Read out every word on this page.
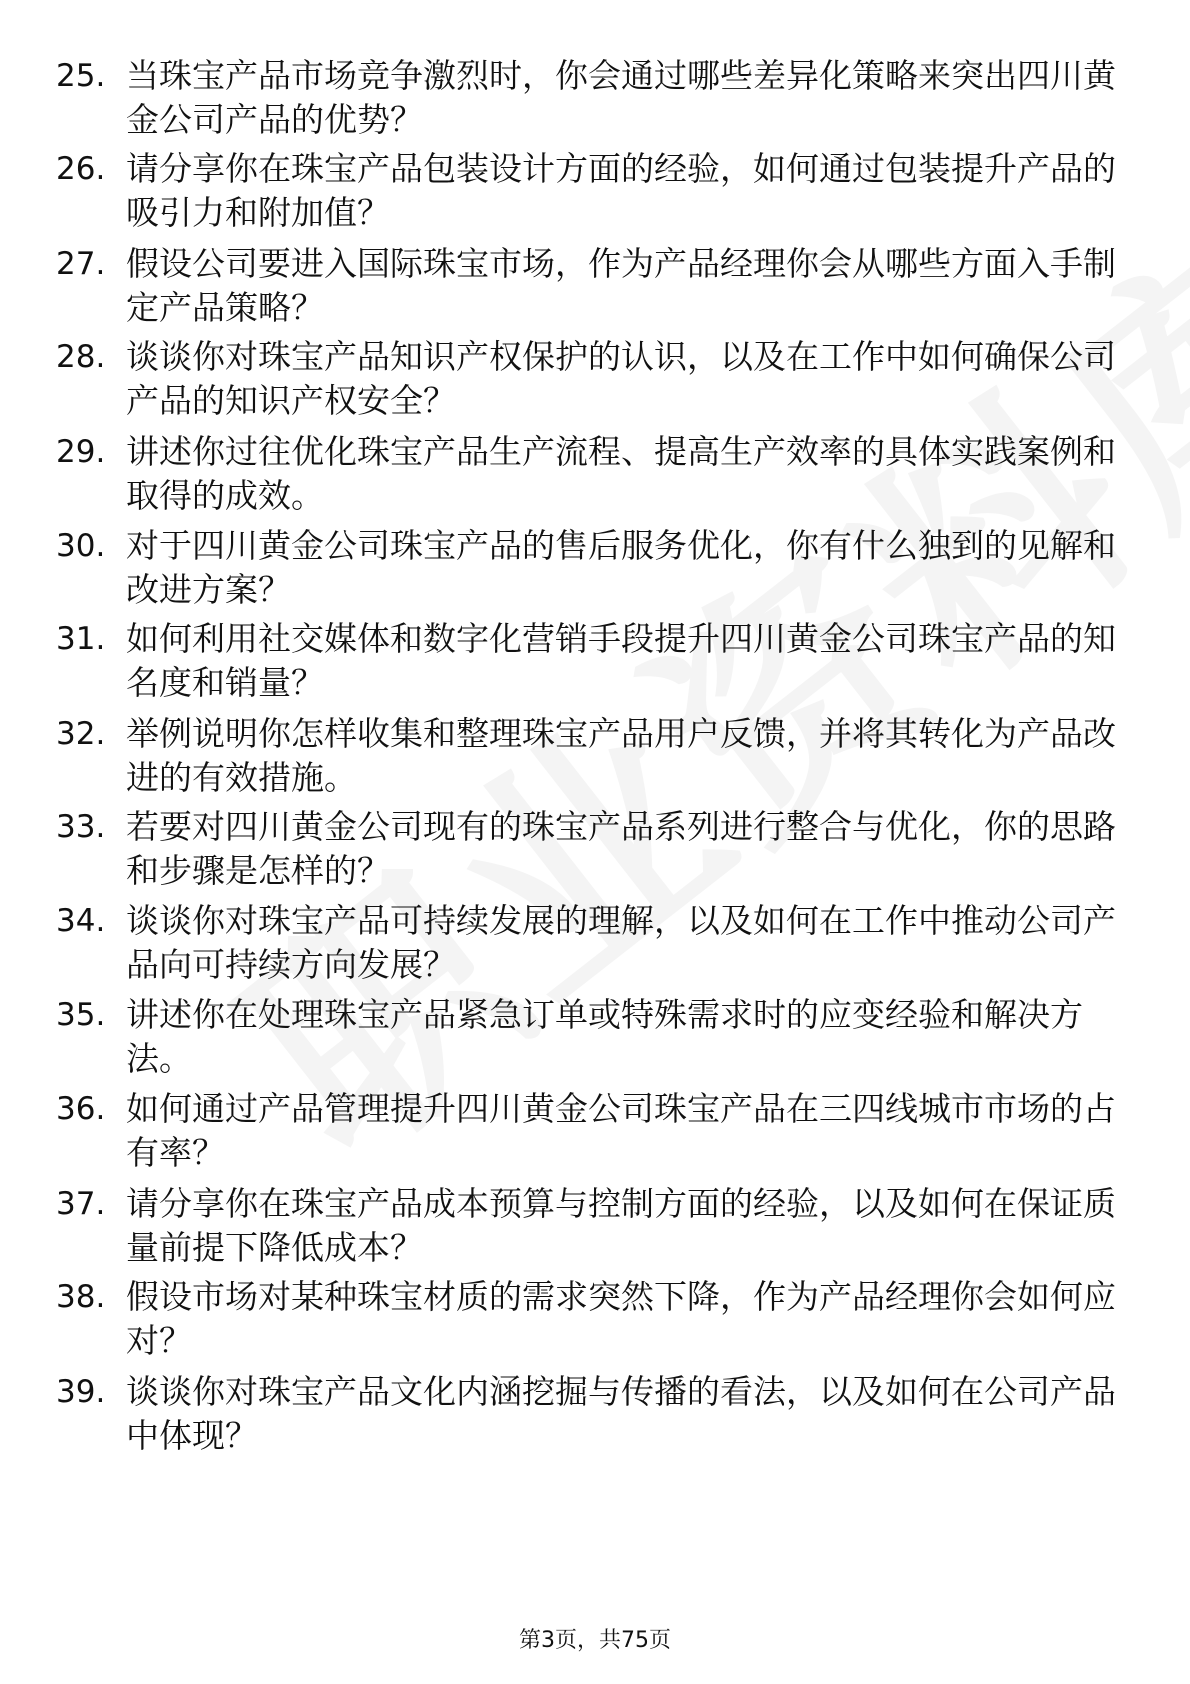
25. 当珠宝产品市场竞争激烈时，你会通过哪些差异化策略来突出四川黄金公司产品的优势？
26. 请分享你在珠宝产品包装设计方面的经验，如何通过包装提升产品的吸引力和附加值？
27. 假设公司要进入国际珠宝市场，作为产品经理你会从哪些方面入手制定产品策略？
28. 谈谈你对珠宝产品知识产权保护的认识，以及在工作中如何确保公司产品的知识产权安全？
29. 讲述你过往优化珠宝产品生产流程、提高生产效率的具体实践案例和取得的成效。
30. 对于四川黄金公司珠宝产品的售后服务优化，你有什么独到的见解和改进方案？
31. 如何利用社交媒体和数字化营销手段提升四川黄金公司珠宝产品的知名度和销量？
32. 举例说明你怎样收集和整理珠宝产品用户反馈，并将其转化为产品改进的有效措施。
33. 若要对四川黄金公司现有的珠宝产品系列进行整合与优化，你的思路和步骤是怎样的？
34. 谈谈你对珠宝产品可持续发展的理解，以及如何在工作中推动公司产品向可持续方向发展？
35. 讲述你在处理珠宝产品紧急订单或特殊需求时的应变经验和解决方法。
36. 如何通过产品管理提升四川黄金公司珠宝产品在三四线城市市场的占有率？
37. 请分享你在珠宝产品成本预算与控制方面的经验，以及如何在保证质量前提下降低成本？
38. 假设市场对某种珠宝材质的需求突然下降，作为产品经理你会如何应对？
39. 谈谈你对珠宝产品文化内涵挖掘与传播的看法，以及如何在公司产品中体现？
第3页，共75页
